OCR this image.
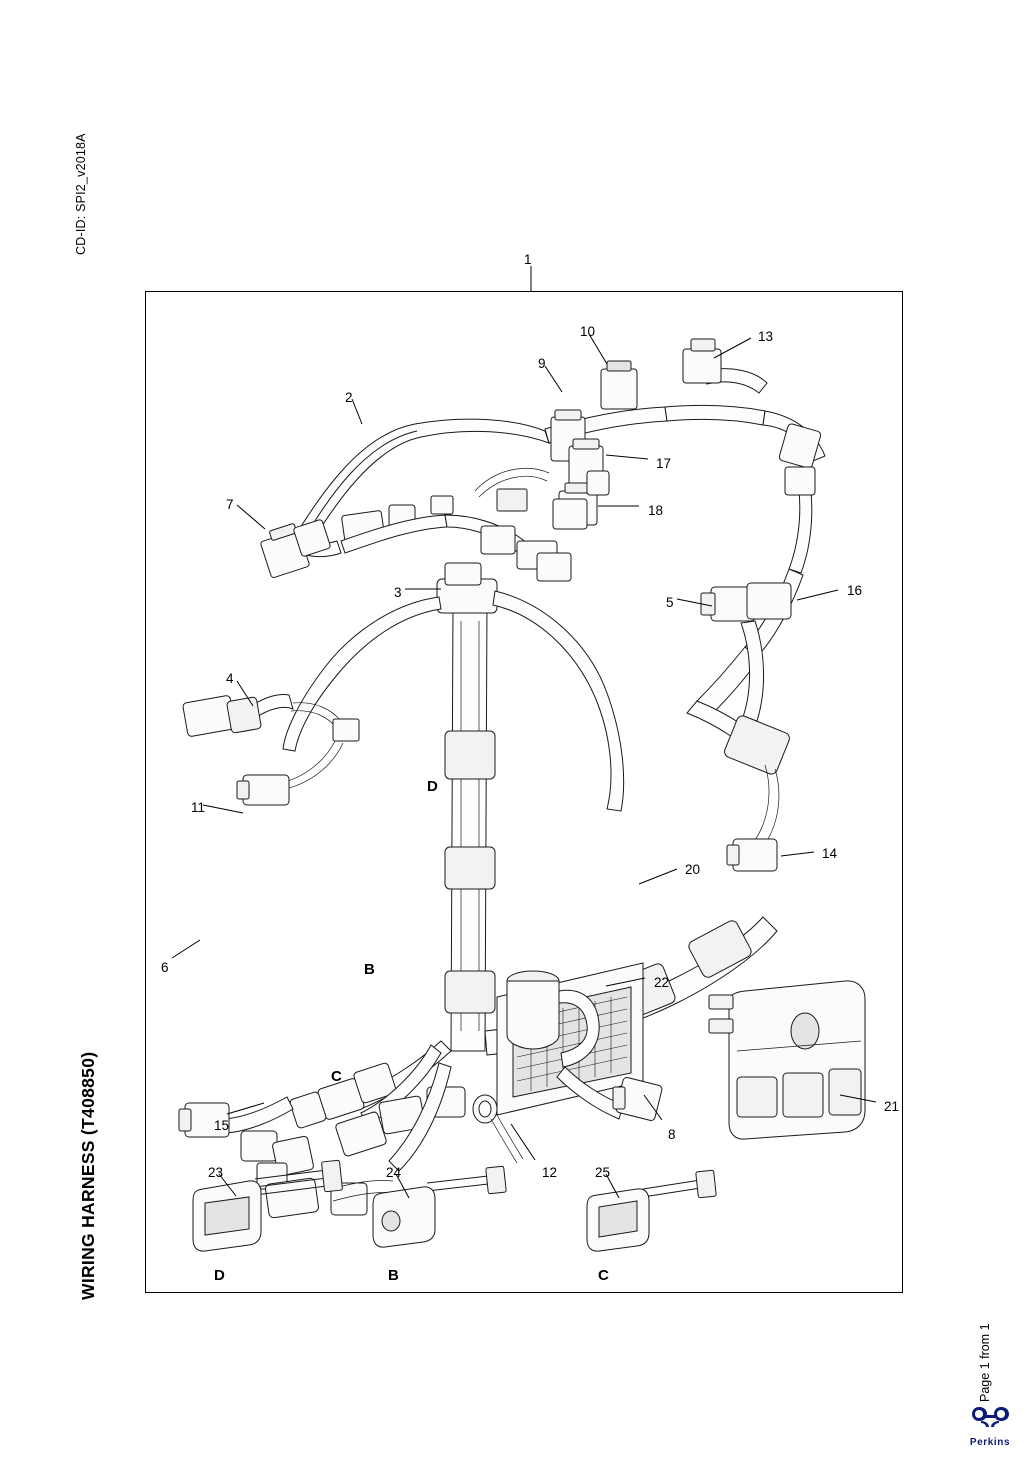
CD-ID: SPI2_v2018A
WIRING HARNESS (T408850)
Page 1 from 1
1
2
3
4
5
6
7
8
9
10
11
12
13
14
15
16
17
18
20
21
22
23	24	25
D
B
C
D	B	C
Perkins
